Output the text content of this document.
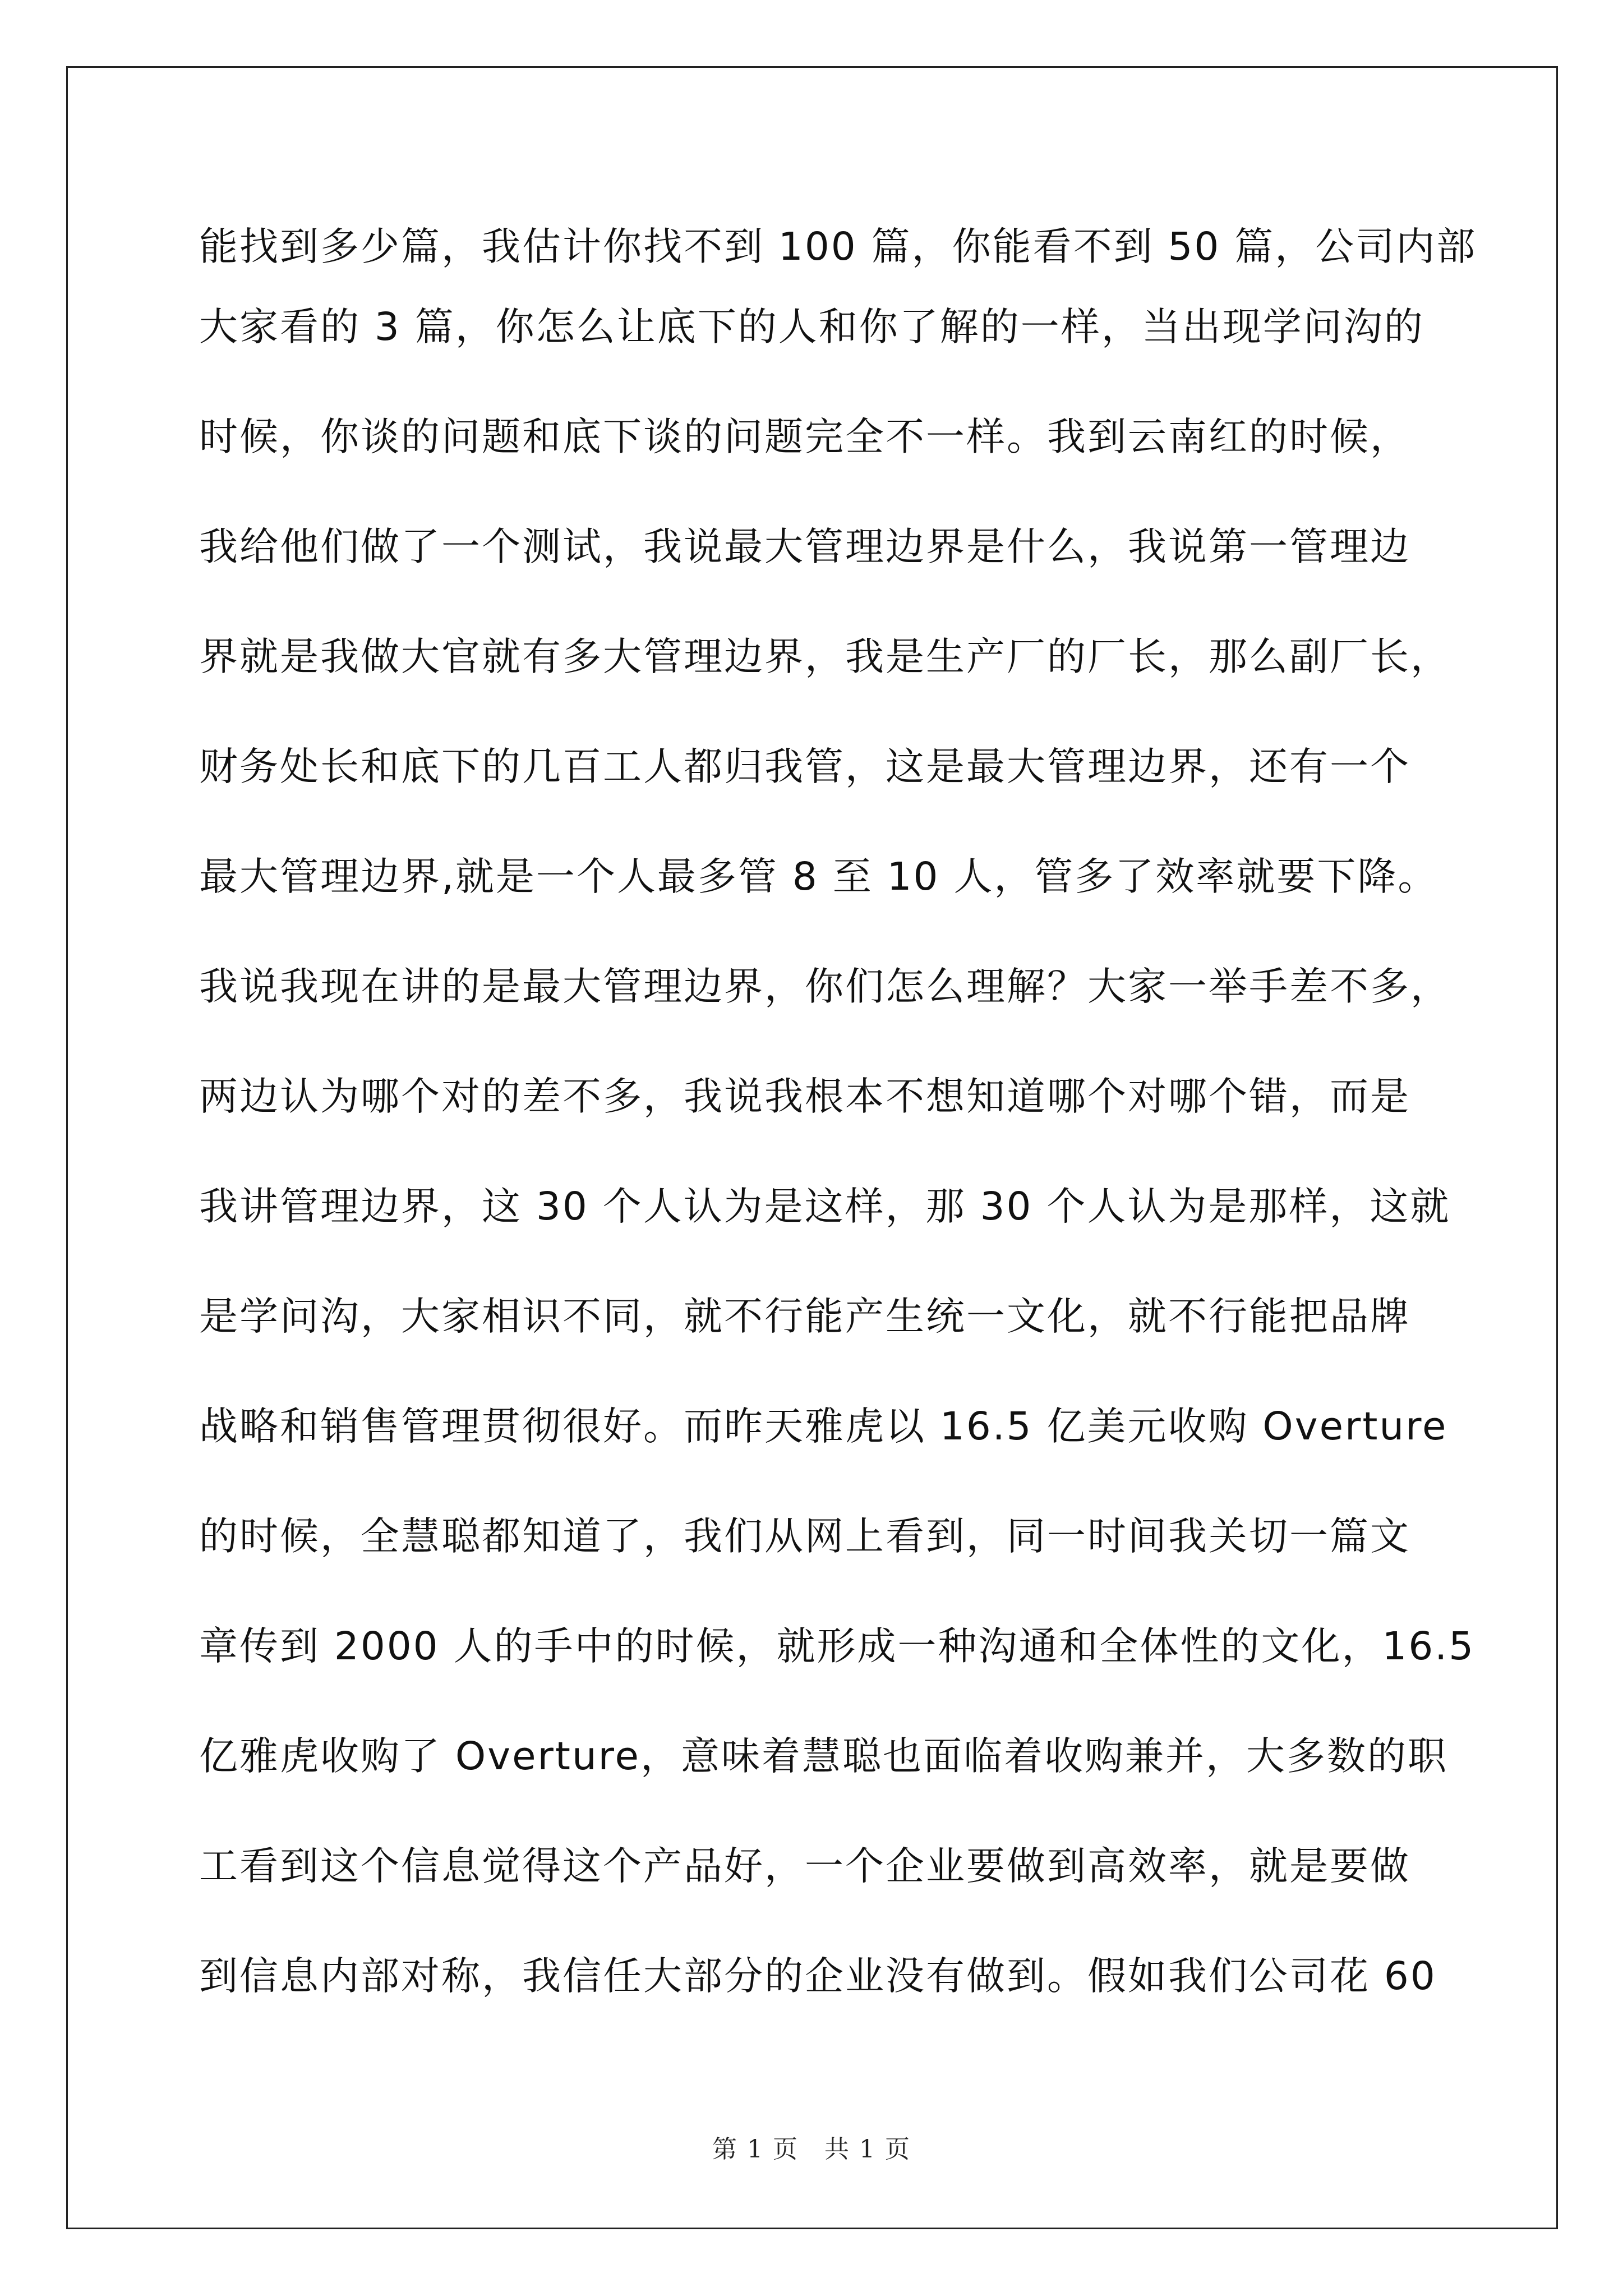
能找到多少篇，我估计你找不到 100 篇，你能看不到 50 篇，公司内部
大家看的 3 篇，你怎么让底下的人和你了解的一样，当出现学问沟的
时候，你谈的问题和底下谈的问题完全不一样。我到云南红的时候，
我给他们做了一个测试，我说最大管理边界是什么，我说第一管理边
界就是我做大官就有多大管理边界，我是生产厂的厂长，那么副厂长，
财务处长和底下的几百工人都归我管，这是最大管理边界，还有一个
最大管理边界,就是一个人最多管 8 至 10 人，管多了效率就要下降。
我说我现在讲的是最大管理边界，你们怎么理解？大家一举手差不多，
两边认为哪个对的差不多，我说我根本不想知道哪个对哪个错，而是
我讲管理边界，这 30 个人认为是这样，那 30 个人认为是那样，这就
是学问沟，大家相识不同，就不行能产生统一文化，就不行能把品牌
战略和销售管理贯彻很好。而昨天雅虎以 16.5 亿美元收购 Overture
的时候，全慧聪都知道了，我们从网上看到，同一时间我关切一篇文
章传到 2000 人的手中的时候，就形成一种沟通和全体性的文化，16.5
亿雅虎收购了 Overture，意味着慧聪也面临着收购兼并，大多数的职
工看到这个信息觉得这个产品好，一个企业要做到高效率，就是要做
到信息内部对称，我信任大部分的企业没有做到。假如我们公司花 60
第 1 页　共 1 页
